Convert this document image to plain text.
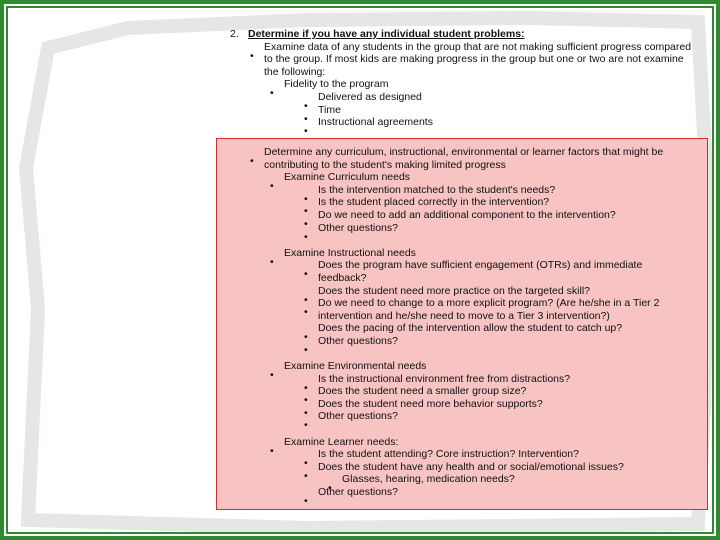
2. Determine if you have any individual student problems:
Examine data of any students in the group that are not making sufficient progress compared to the group. If most kids are making progress in the group but one or two are not examine the following:
Fidelity to the program
Delivered as designed
Time
Instructional agreements
Determine any curriculum, instructional, environmental or learner factors that might be
contributing to the student's making limited progress
Examine Curriculum needs
Is the intervention matched to the student's needs?
Is the student placed correctly in the intervention?
Do we need to add an additional component to the intervention?
Other questions?
Examine Instructional needs
Does the program have sufficient engagement (OTRs) and immediate
feedback?
Does the student need more practice on the targeted skill?
Do we need to change to a more explicit program? (Are he/she in a Tier 2
intervention and he/she need to move to a Tier 3 intervention?)
Does the pacing of the intervention allow the student to catch up?
Other questions?
Examine Environmental needs
Is the instructional environment free from distractions?
Does the student need a smaller group size?
Does the student need more behavior supports?
Other questions?
Examine Learner needs:
Is the student attending? Core instruction? Intervention?
Does the student have any health and or social/emotional issues?
Glasses, hearing, medication needs?
Other questions?
